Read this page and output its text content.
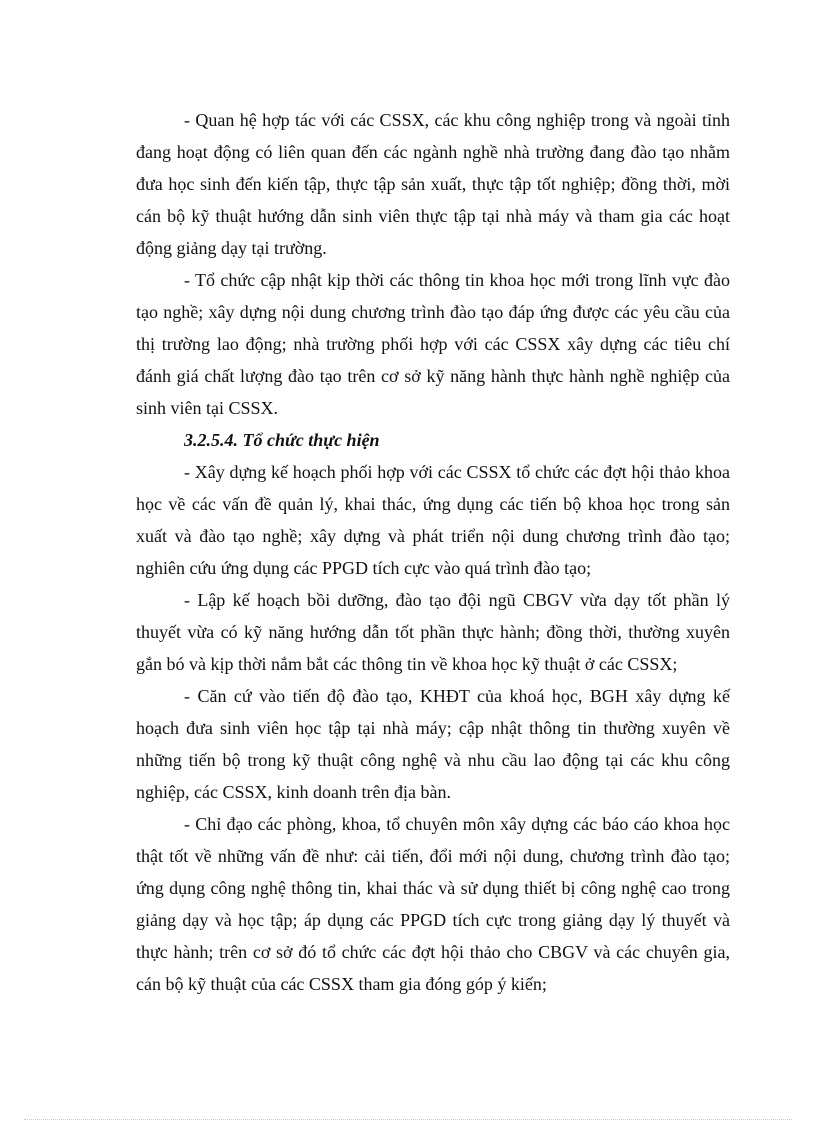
- Quan hệ hợp tác với các CSSX, các khu công nghiệp trong và ngoài tỉnh đang hoạt động có liên quan đến các ngành nghề nhà trường đang đào tạo nhằm đưa học sinh đến kiến tập, thực tập sản xuất, thực tập tốt nghiệp; đồng thời, mời cán bộ kỹ thuật hướng dẫn sinh viên thực tập tại nhà máy và tham gia các hoạt động giảng dạy tại trường.

- Tổ chức cập nhật kịp thời các thông tin khoa học mới trong lĩnh vực đào tạo nghề; xây dựng nội dung chương trình đào tạo đáp ứng được các yêu cầu của thị trường lao động; nhà trường phối hợp với các CSSX xây dựng các tiêu chí đánh giá chất lượng đào tạo trên cơ sở kỹ năng hành thực hành nghề nghiệp của sinh viên tại CSSX.

3.2.5.4. Tổ chức thực hiện

- Xây dựng kế hoạch phối hợp với các CSSX tổ chức các đợt hội thảo khoa học về các vấn đề quản lý, khai thác, ứng dụng các tiến bộ khoa học trong sản xuất và đào tạo nghề; xây dựng và phát triển nội dung chương trình đào tạo; nghiên cứu ứng dụng các PPGD tích cực vào quá trình đào tạo;

- Lập kế hoạch bồi dưỡng, đào tạo đội ngũ CBGV vừa dạy tốt phần lý thuyết vừa có kỹ năng hướng dẫn tốt phần thực hành; đồng thời, thường xuyên gắn bó và kịp thời nắm bắt các thông tin về khoa học kỹ thuật ở các CSSX;

- Căn cứ vào tiến độ đào tạo, KHĐT của khoá học, BGH xây dựng kế hoạch đưa sinh viên học tập tại nhà máy; cập nhật thông tin thường xuyên về những tiến bộ trong kỹ thuật công nghệ và nhu cầu lao động tại các khu công nghiệp, các CSSX, kinh doanh trên địa bàn.

- Chỉ đạo các phòng, khoa, tổ chuyên môn xây dựng các báo cáo khoa học thật tốt về những vấn đề như: cải tiến, đổi mới nội dung, chương trình đào tạo; ứng dụng công nghệ thông tin, khai thác và sử dụng thiết bị công nghệ cao trong giảng dạy và học tập; áp dụng các PPGD tích cực trong giảng dạy lý thuyết và thực hành; trên cơ sở đó tổ chức các đợt hội thảo cho CBGV và các chuyên gia, cán bộ kỹ thuật của các CSSX tham gia đóng góp ý kiến;
